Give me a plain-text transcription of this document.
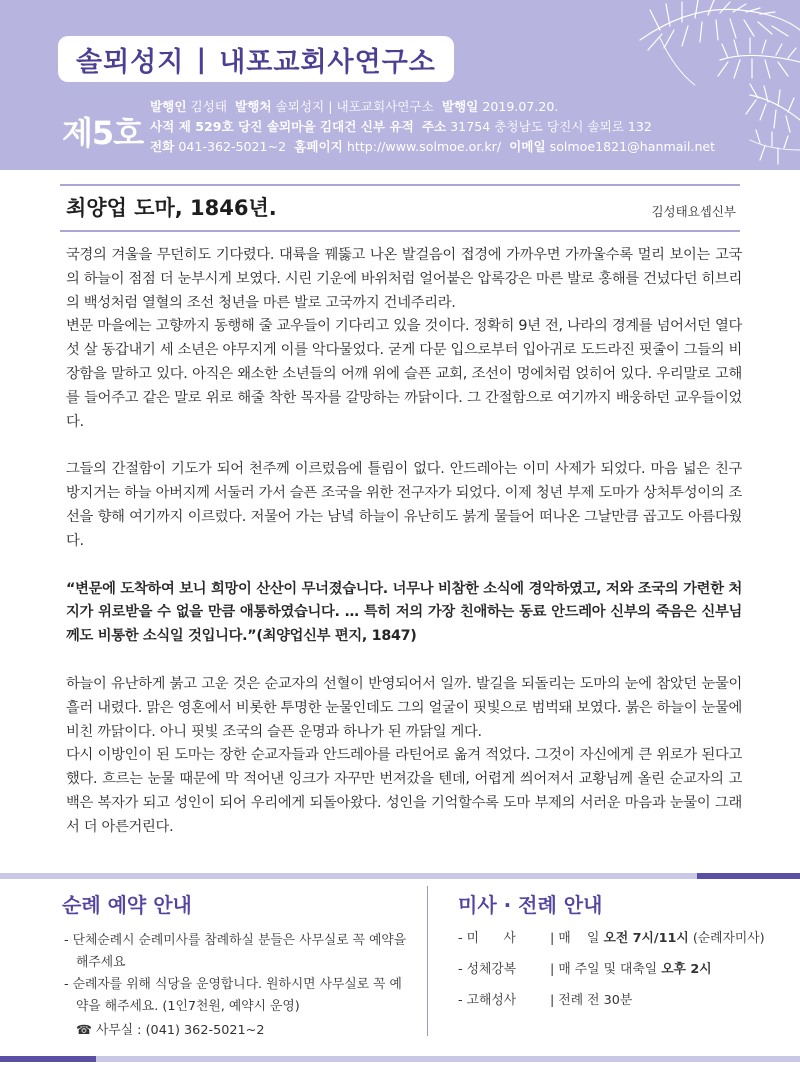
솔뫼성지 | 내포교회사연구소
제5호
발행인 김성태 발행처 솔뫼성지 | 내포교회사연구소 발행일 2019.07.20.
사적 제 529호 당진 솔뫼마을 김대건 신부 유적 주소 31754 충청남도 당진시 솔뫼로 132
전화 041-362-5021~2 홈페이지 http://www.solmoe.or.kr/ 이메일 solmoe1821@hanmail.net
최양업 도마, 1846년.	김성태요셉신부

국경의 겨울을 무던히도 기다렸다. 대륙을 꿰뚫고 나온 발걸음이 접경에 가까우면 가까울수록 멀리 보이는 고국의 하늘이 점점 더 눈부시게 보였다. 시린 기운에 바위처럼 얼어붙은 압록강은 마른 발로 홍해를 건넜다던 히브리의 백성처럼 열혈의 조선 청년을 마른 발로 고국까지 건네주리라.

변문 마을에는 고향까지 동행해 줄 교우들이 기다리고 있을 것이다. 정확히 9년 전, 나라의 경계를 넘어서던 열다섯 살 동갑내기 세 소년은 야무지게 이를 악다물었다. 굳게 다문 입으로부터 입아귀로 도드라진 핏줄이 그들의 비장함을 말하고 있다. 아직은 왜소한 소년들의 어깨 위에 슬픈 교회, 조선이 멍에처럼 얹히어 있다. 우리말로 고해를 들어주고 같은 말로 위로 해줄 착한 목자를 갈망하는 까닭이다. 그 간절함으로 여기까지 배웅하던 교우들이었다.

그들의 간절함이 기도가 되어 천주께 이르렀음에 틀림이 없다. 안드레아는 이미 사제가 되었다. 마음 넓은 친구 방지거는 하늘 아버지께 서둘러 가서 슬픈 조국을 위한 전구자가 되었다. 이제 청년 부제 도마가 상처투성이의 조선을 향해 여기까지 이르렀다. 저물어 가는 남녘 하늘이 유난히도 붉게 물들어 떠나온 그날만큼 곱고도 아름다웠다.

“변문에 도착하여 보니 희망이 산산이 무너졌습니다. 너무나 비참한 소식에 경악하였고, 저와 조국의 가련한 처지가 위로받을 수 없을 만큼 애통하였습니다. … 특히 저의 가장 친애하는 동료 안드레아 신부의 죽음은 신부님께도 비통한 소식일 것입니다.”(최양업신부 편지, 1847)

하늘이 유난하게 붉고 고운 것은 순교자의 선혈이 반영되어서 일까. 발길을 되돌리는 도마의 눈에 참았던 눈물이 흘러 내렸다. 맑은 영혼에서 비롯한 투명한 눈물인데도 그의 얼굴이 핏빛으로 범벅돼 보였다. 붉은 하늘이 눈물에 비친 까닭이다. 아니 핏빛 조국의 슬픈 운명과 하나가 된 까닭일 게다.

다시 이방인이 된 도마는 장한 순교자들과 안드레아를 라틴어로 옮겨 적었다. 그것이 자신에게 큰 위로가 된다고 했다. 흐르는 눈물 때문에 막 적어낸 잉크가 자꾸만 번져갔을 텐데, 어렵게 씌어져서 교황님께 올린 순교자의 고백은 복자가 되고 성인이 되어 우리에게 되돌아왔다. 성인을 기억할수록 도마 부제의 서러운 마음과 눈물이 그래서 더 아른거린다.

순례 예약 안내

- 단체순례시 순례미사를 참례하실 분들은 사무실로 꼭 예약을 해주세요

- 순례자를 위해 식당을 운영합니다. 원하시면 사무실로 꼭 예약을 해주세요. (1인7천원, 예약시 운영)

☎ 사무실 : (041) 362-5021~2
미사 · 전례 안내
- 미      사	| 매    일 오전 7시/11시 (순례자미사)
- 성체강복	| 매 주일 및 대축일 오후 2시
- 고해성사	| 전례 전 30분
